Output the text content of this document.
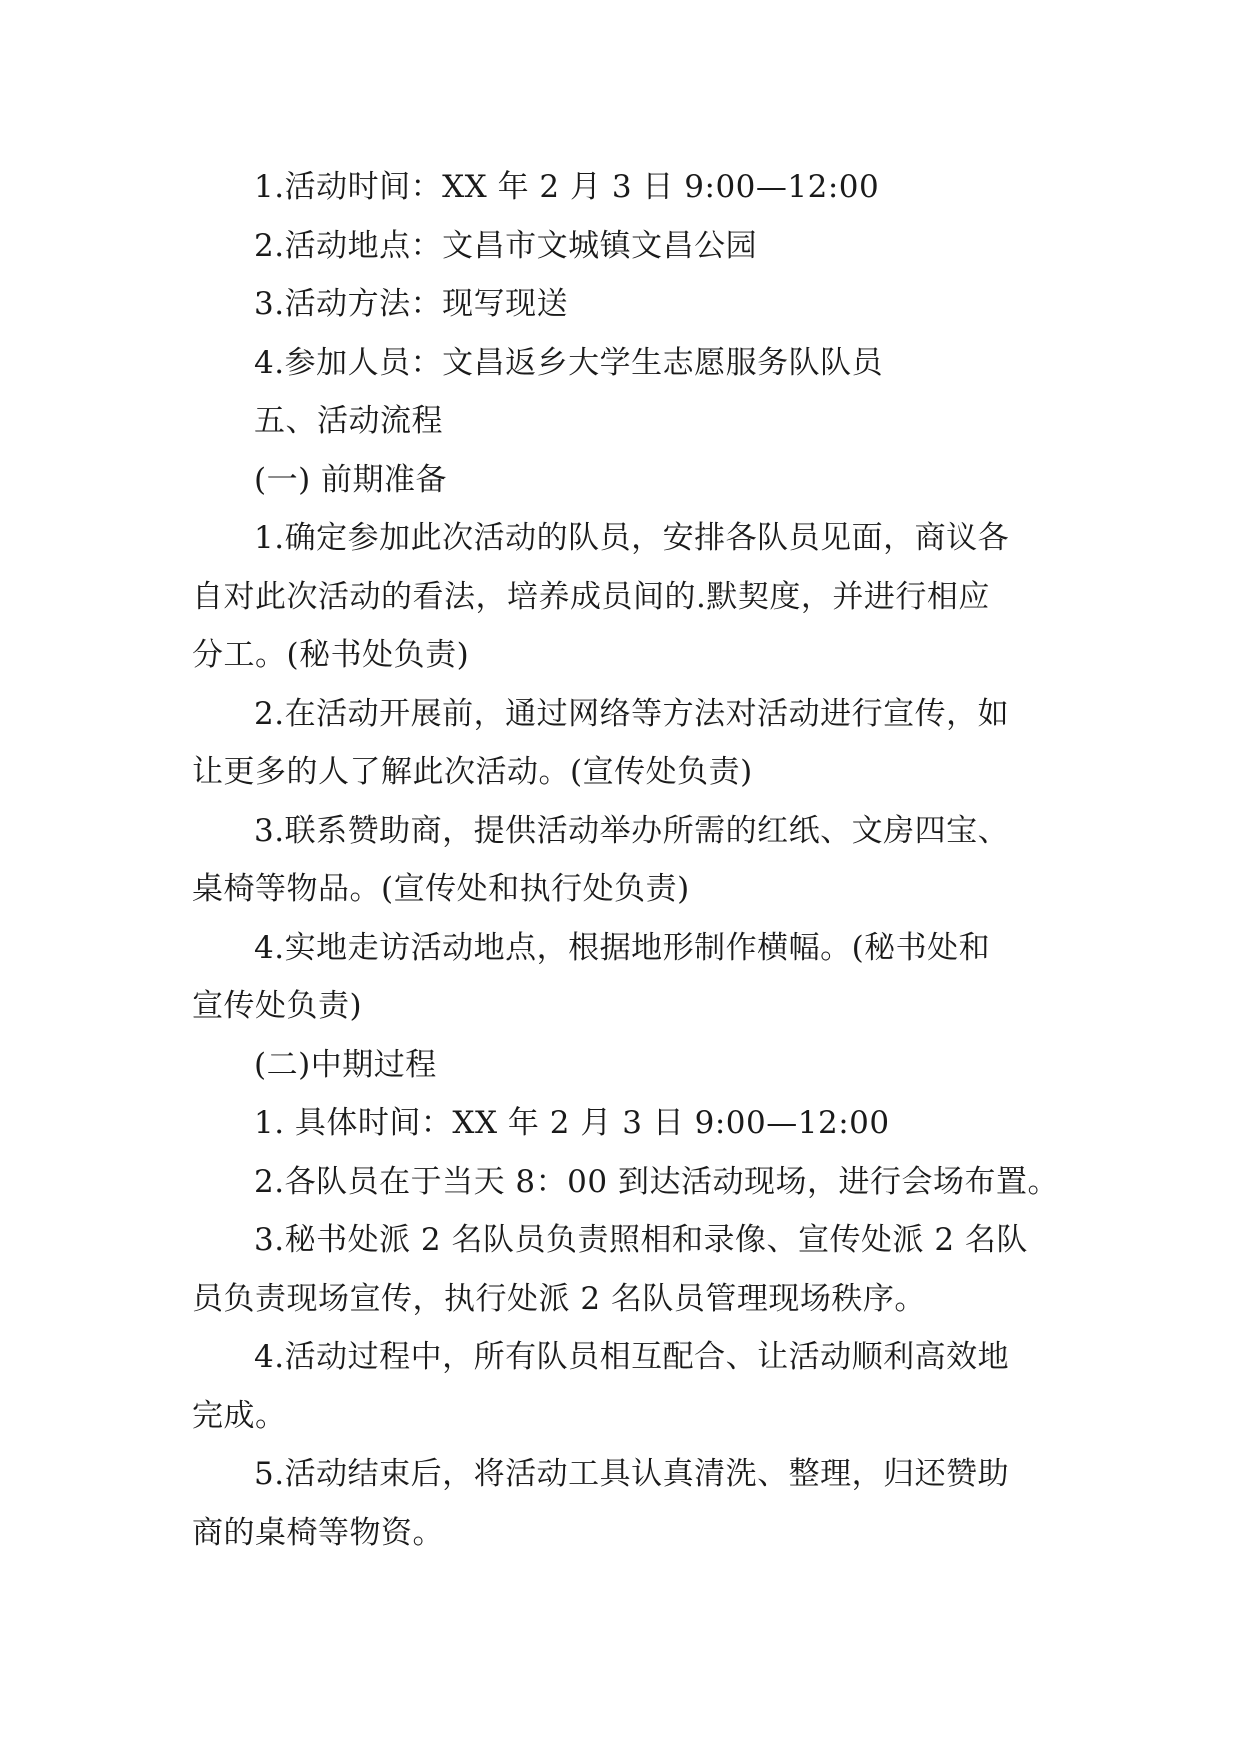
1.活动时间：XX 年 2 月 3 日 9:00—12:00
2.活动地点：文昌市文城镇文昌公园
3.活动方法：现写现送
4.参加人员：文昌返乡大学生志愿服务队队员
五、活动流程
(一) 前期准备
1.确定参加此次活动的队员，安排各队员见面，商议各
自对此次活动的看法，培养成员间的.默契度，并进行相应
分工。(秘书处负责)
2.在活动开展前，通过网络等方法对活动进行宣传，如
让更多的人了解此次活动。(宣传处负责)
3.联系赞助商，提供活动举办所需的红纸、文房四宝、
桌椅等物品。(宣传处和执行处负责)
4.实地走访活动地点，根据地形制作横幅。(秘书处和
宣传处负责)
(二)中期过程
1. 具体时间：XX 年 2 月 3 日 9:00—12:00
2.各队员在于当天 8：00 到达活动现场，进行会场布置。
3.秘书处派 2 名队员负责照相和录像、宣传处派 2 名队
员负责现场宣传，执行处派 2 名队员管理现场秩序。
4.活动过程中，所有队员相互配合、让活动顺利高效地
完成。
5.活动结束后，将活动工具认真清洗、整理，归还赞助
商的桌椅等物资。
